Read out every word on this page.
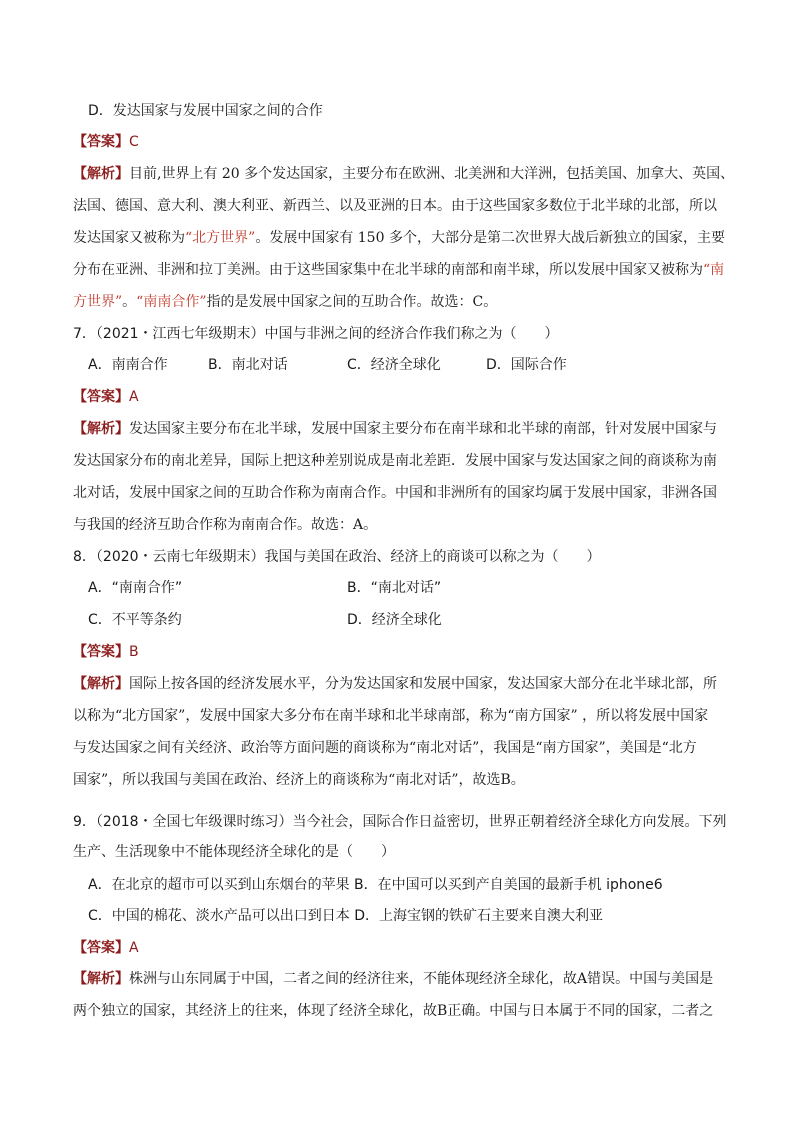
D．发达国家与发展中国家之间的合作
【答案】C
【解析】目前,世界上有 20 多个发达国家，主要分布在欧洲、北美洲和大洋洲，包括美国、加拿大、英国、
法国、德国、意大利、澳大利亚、新西兰、以及亚洲的日本。由于这些国家多数位于北半球的北部，所以
发达国家又被称为“北方世界”。发展中国家有 150 多个，大部分是第二次世界大战后新独立的国家，主要
分布在亚洲、非洲和拉丁美洲。由于这些国家集中在北半球的南部和南半球，所以发展中国家又被称为“南
方世界”。“南南合作”指的是发展中国家之间的互助合作。故选：C。
7．（2021・江西七年级期末）中国与非洲之间的经济合作我们称之为（　　）
A．南南合作	B．南北对话	C．经济全球化	D．国际合作
【答案】A
【解析】发达国家主要分布在北半球，发展中国家主要分布在南半球和北半球的南部，针对发展中国家与
发达国家分布的南北差异，国际上把这种差别说成是南北差距．发展中国家与发达国家之间的商谈称为南
北对话，发展中国家之间的互助合作称为南南合作。中国和非洲所有的国家均属于发展中国家，非洲各国
与我国的经济互助合作称为南南合作。故选：A。
8．（2020・云南七年级期末）我国与美国在政治、经济上的商谈可以称之为（　　）
A．“南南合作”	B．“南北对话”
C．不平等条约	D．经济全球化
【答案】B
【解析】国际上按各国的经济发展水平，分为发达国家和发展中国家，发达国家大部分在北半球北部，所
以称为“北方国家”，发展中国家大多分布在南半球和北半球南部，称为“南方国家” ，所以将发展中国家
与发达国家之间有关经济、政治等方面问题的商谈称为“南北对话”，我国是“南方国家”，美国是“北方
国家”，所以我国与美国在政治、经济上的商谈称为“南北对话”，故选B。
9．（2018・全国七年级课时练习）当今社会，国际合作日益密切，世界正朝着经济全球化方向发展。下列
生产、生活现象中不能体现经济全球化的是（　　）
A．在北京的超市可以买到山东烟台的苹果 B．在中国可以买到产自美国的最新手机 iphone6
C．中国的棉花、淡水产品可以出口到日本 D．上海宝钢的铁矿石主要来自澳大利亚
【答案】A
【解析】株洲与山东同属于中国，二者之间的经济往来，不能体现经济全球化，故A错误。中国与美国是
两个独立的国家，其经济上的往来，体现了经济全球化，故B正确。中国与日本属于不同的国家，二者之
